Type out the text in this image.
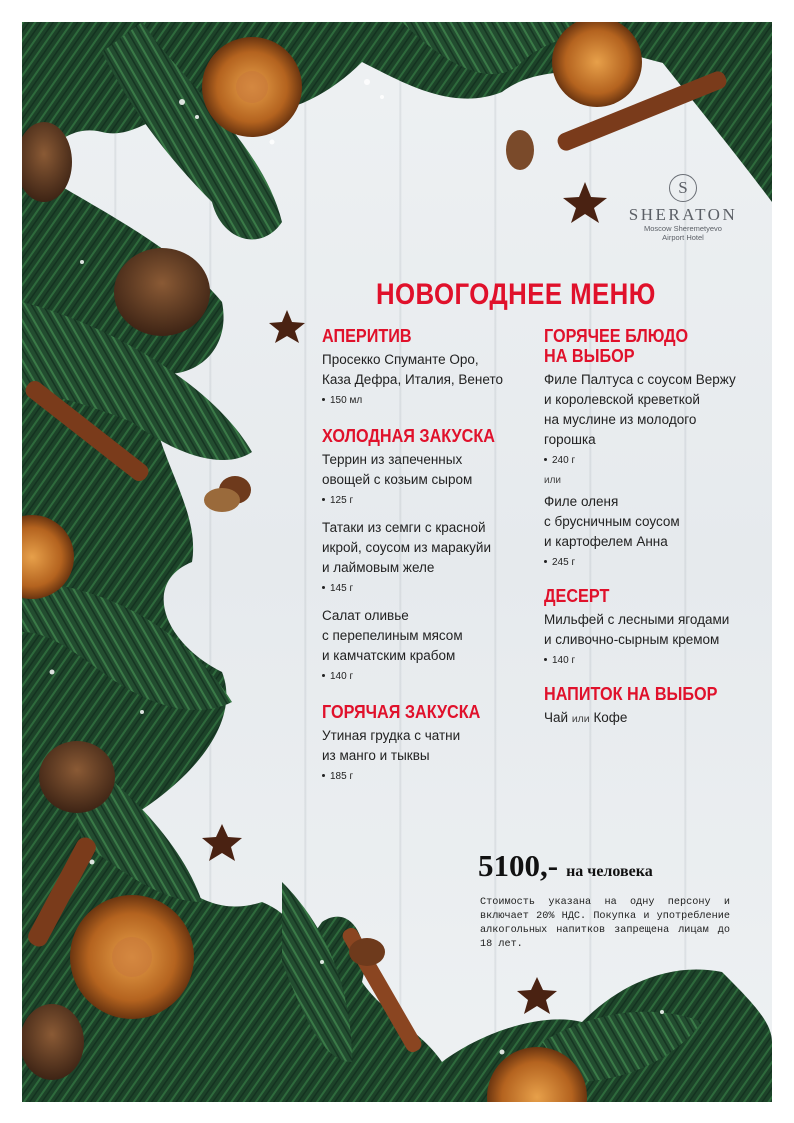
S
SHERATON
Moscow Sheremetyevo
Airport Hotel
НОВОГОДНЕЕ МЕНЮ
АПЕРИТИВ
Просекко Спуманте Оро,
Каза Дефра, Италия, Венето
150 мл
ХОЛОДНАЯ ЗАКУСКА
Террин из запеченных
овощей с козьим сыром
125 г
Татаки из семги с красной
икрой, соусом из маракуйи
и лаймовым желе
145 г
Салат оливье
с перепелиным мясом
и камчатским крабом
140 г
ГОРЯЧАЯ ЗАКУСКА
Утиная грудка с чатни
из манго и тыквы
185 г
ГОРЯЧЕЕ БЛЮДО
НА ВЫБОР
Филе Палтуса с соусом Вержу
и королевской креветкой
на муслине из молодого
горошка
240 г
или
Филе оленя
с брусничным соусом
и картофелем Анна
245 г
ДЕСЕРТ
Мильфей с лесными ягодами
и сливочно-сырным кремом
140 г
НАПИТОК НА ВЫБОР
Чай или Кофе
5100,- на человека
Стоимость указана на одну персону и включает 20% НДС. Покупка и употребление алкогольных напитков запрещена лицам до 18 лет.
